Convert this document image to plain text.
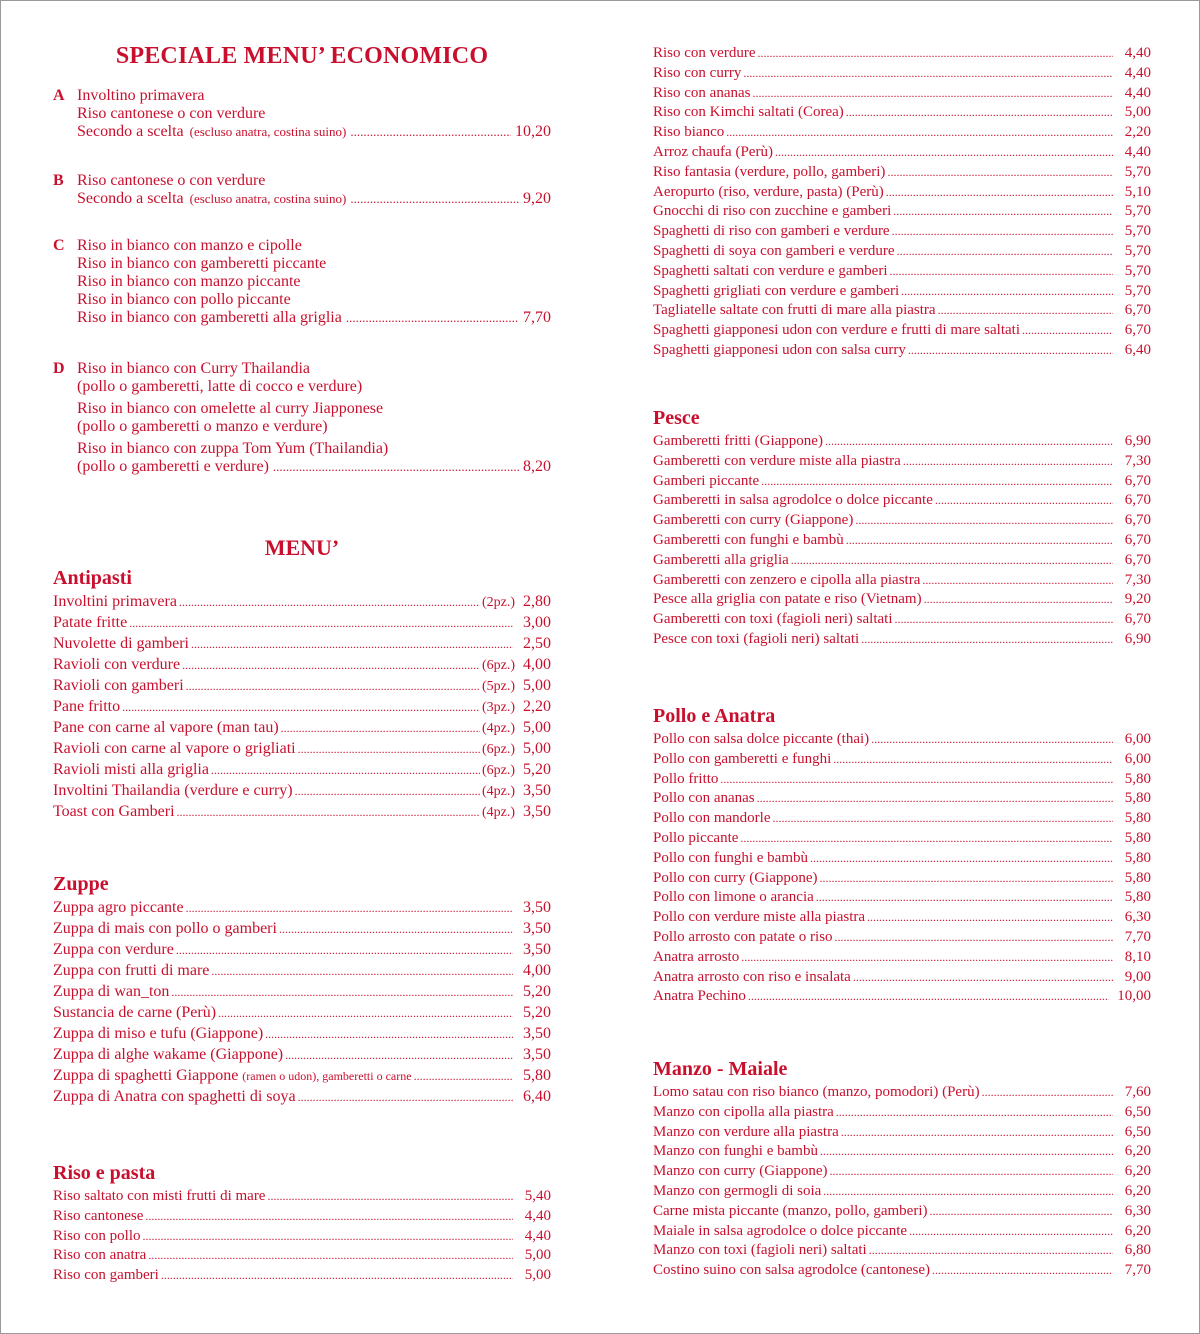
SPECIALE MENU’ ECONOMICO
A Involtino primavera
Riso cantonese o con verdure
Secondo a scelta (escluso anatra, costina suino) .....	10,20
B Riso cantonese o con verdure
Secondo a scelta (escluso anatra, costina suino) .....	9,20
C Riso in bianco con manzo e cipolle
Riso in bianco con gamberetti piccante
Riso in bianco con manzo piccante
Riso in bianco con pollo piccante
Riso in bianco con gamberetti alla griglia .....	7,70
D Riso in bianco con Curry Thailandia
(pollo o gamberetti, latte di cocco e verdure)
Riso in bianco con omelette al curry Jiapponese
(pollo o gamberetti o manzo e verdure)
Riso in bianco con zuppa Tom Yum (Thailandia)
(pollo o gamberetti e verdure) .....	8,20
MENU’
Antipasti
Involtini primavera .....	(2pz.) 2,80
Patate fritte .....	3,00
Nuvolette di gamberi .....	2,50
Ravioli con verdure .....	(6pz.) 4,00
Ravioli con gamberi .....	(5pz.) 5,00
Pane fritto .....	(3pz.) 2,20
Pane con carne al vapore (man tau) .....	(4pz.) 5,00
Ravioli con carne al vapore o grigliati .....	(6pz.) 5,00
Ravioli misti alla griglia .....	(6pz.) 5,20
Involtini Thailandia (verdure e curry) .....	(4pz.) 3,50
Toast con Gamberi .....	(4pz.) 3,50
Zuppe
Zuppa agro piccante .....	3,50
Zuppa di mais con pollo o gamberi .....	3,50
Zuppa con verdure .....	3,50
Zuppa con frutti di mare .....	4,00
Zuppa di wan_ton .....	5,20
Sustancia de carne (Perù) .....	5,20
Zuppa di miso e tufu (Giappone) .....	3,50
Zuppa di alghe wakame (Giappone) .....	3,50
Zuppa di spaghetti Giappone (ramen o udon), gamberetti o carne .....	5,80
Zuppa di Anatra con spaghetti di soya .....	6,40
Riso e pasta
Riso saltato con misti frutti di mare .....	5,40
Riso cantonese .....	4,40
Riso con pollo .....	4,40
Riso con anatra .....	5,00
Riso con gamberi .....	5,00
Riso con verdure .....	4,40
Riso con curry .....	4,40
Riso con ananas .....	4,40
Riso con Kimchi saltati (Corea) .....	5,00
Riso bianco .....	2,20
Arroz chaufa (Perù) .....	4,40
Riso fantasia (verdure, pollo, gamberi) .....	5,70
Aeropurto (riso, verdure, pasta) (Perù) .....	5,10
Gnocchi di riso con zucchine e gamberi .....	5,70
Spaghetti di riso con gamberi e verdure .....	5,70
Spaghetti di soya con gamberi e verdure .....	5,70
Spaghetti saltati con verdure e gamberi .....	5,70
Spaghetti grigliati con verdure e gamberi .....	5,70
Tagliatelle saltate con frutti di mare alla piastra .....	6,70
Spaghetti giapponesi udon con verdure e frutti di mare saltati .....	6,70
Spaghetti giapponesi udon con salsa curry .....	6,40
Pesce
Gamberetti fritti (Giappone) .....	6,90
Gamberetti con verdure miste alla piastra .....	7,30
Gamberi piccante .....	6,70
Gamberetti in salsa agrodolce o dolce piccante .....	6,70
Gamberetti con curry (Giappone) .....	6,70
Gamberetti con funghi e bambù .....	6,70
Gamberetti alla griglia .....	6,70
Gamberetti con zenzero e cipolla alla piastra .....	7,30
Pesce alla griglia con patate e riso (Vietnam) .....	9,20
Gamberetti con toxi (fagioli neri) saltati .....	6,70
Pesce con toxi (fagioli neri) saltati .....	6,90
Pollo e Anatra
Pollo con salsa dolce piccante (thai) .....	6,00
Pollo con gamberetti e funghi .....	6,00
Pollo fritto .....	5,80
Pollo con ananas .....	5,80
Pollo con mandorle .....	5,80
Pollo piccante .....	5,80
Pollo con funghi e bambù .....	5,80
Pollo con curry (Giappone) .....	5,80
Pollo con limone o arancia .....	5,80
Pollo con verdure miste alla piastra .....	6,30
Pollo arrosto con patate o riso .....	7,70
Anatra arrosto .....	8,10
Anatra arrosto con riso e insalata .....	9,00
Anatra Pechino .....	10,00
Manzo - Maiale
Lomo satau con riso bianco (manzo, pomodori) (Perù) .....	7,60
Manzo con cipolla alla piastra .....	6,50
Manzo con verdure alla piastra .....	6,50
Manzo con funghi e bambù .....	6,20
Manzo con curry (Giappone) .....	6,20
Manzo con germogli di soia .....	6,20
Carne mista piccante (manzo, pollo, gamberi) .....	6,30
Maiale in salsa agrodolce o dolce piccante .....	6,20
Manzo con toxi (fagioli neri) saltati .....	6,80
Costino suino con salsa agrodolce (cantonese) .....	7,70
